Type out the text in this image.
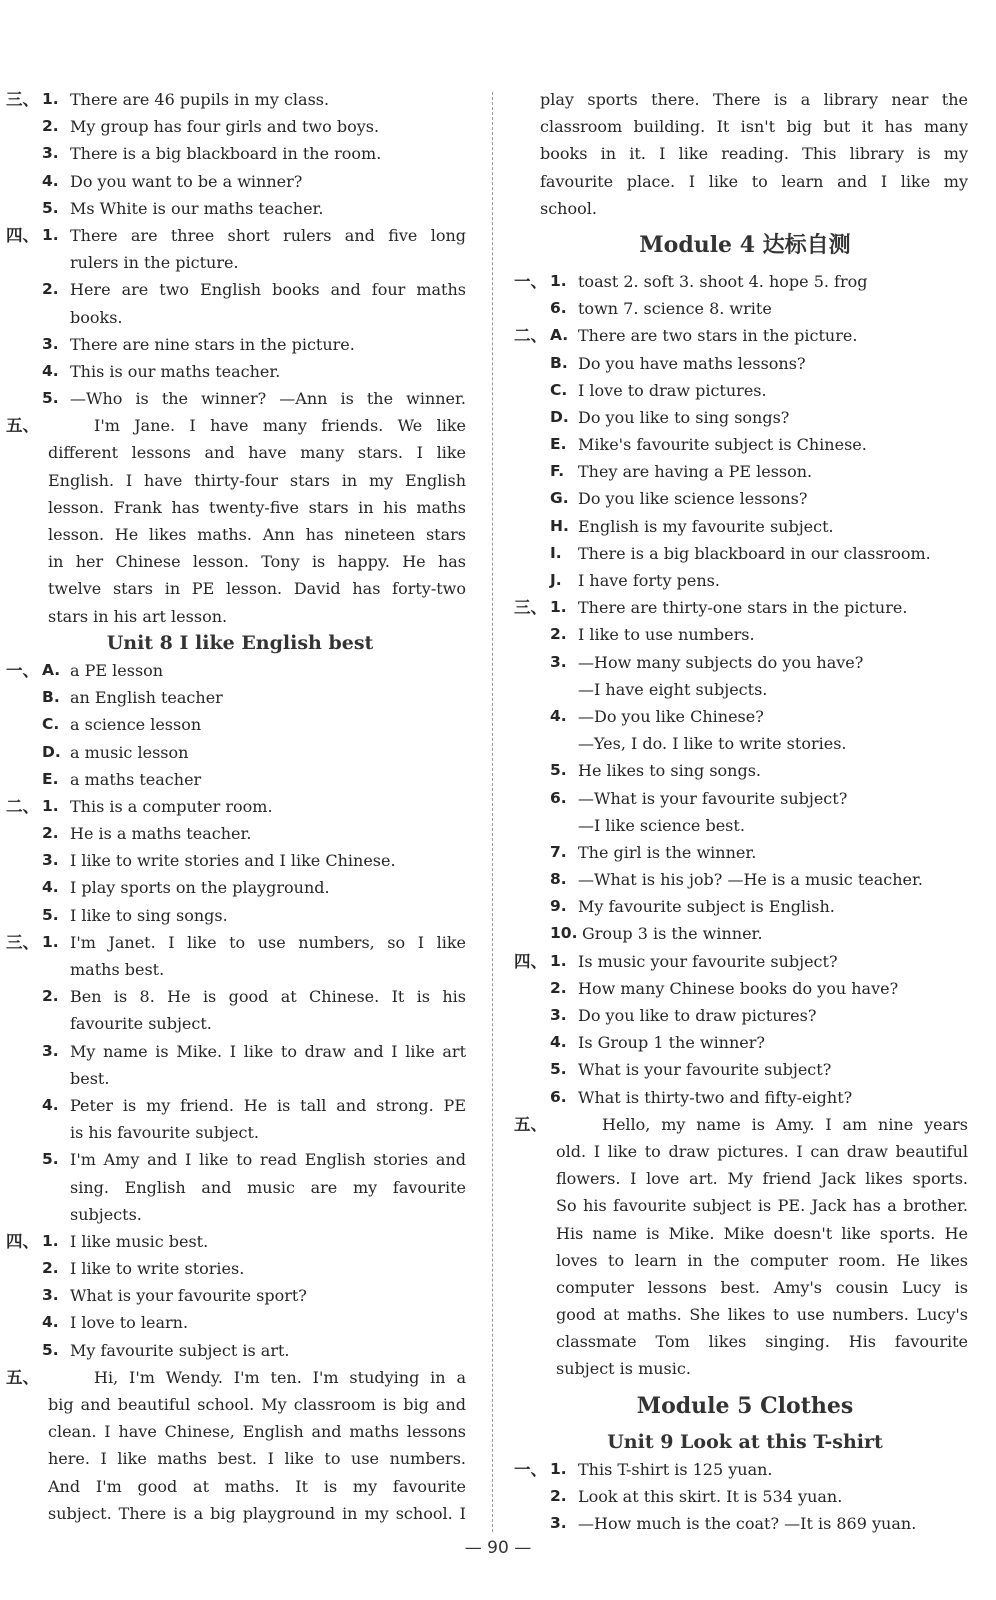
三、 1. There are 46 pupils in my class.
2. My group has four girls and two boys.
3. There is a big blackboard in the room.
4. Do you want to be a winner?
5. Ms White is our maths teacher.
四、 1. There are three short rulers and five long
rulers in the picture.
2. Here are two English books and four maths
books.
3. There are nine stars in the picture.
4. This is our maths teacher.
5. —Who is the winner? —Ann is the winner.
五、	I'm Jane. I have many friends. We like
different lessons and have many stars. I like
English. I have thirty-four stars in my English
lesson. Frank has twenty-five stars in his maths
lesson. He likes maths. Ann has nineteen stars
in her Chinese lesson. Tony is happy. He has
twelve stars in PE lesson. David has forty-two
stars in his art lesson.
Unit 8 I like English best
一、 A. a PE lesson
B. an English teacher
C. a science lesson
D. a music lesson
E. a maths teacher
二、 1. This is a computer room.
2. He is a maths teacher.
3. I like to write stories and I like Chinese.
4. I play sports on the playground.
5. I like to sing songs.
三、 1. I'm Janet. I like to use numbers, so I like
maths best.
2. Ben is 8. He is good at Chinese. It is his
favourite subject.
3. My name is Mike. I like to draw and I like art
best.
4. Peter is my friend. He is tall and strong. PE
is his favourite subject.
5. I'm Amy and I like to read English stories and
sing. English and music are my favourite
subjects.
四、 1. I like music best.
2. I like to write stories.
3. What is your favourite sport?
4. I love to learn.
5. My favourite subject is art.
五、	Hi, I'm Wendy. I'm ten. I'm studying in a
big and beautiful school. My classroom is big and
clean. I have Chinese, English and maths lessons
here. I like maths best. I like to use numbers.
And I'm good at maths. It is my favourite
subject. There is a big playground in my school. I
play sports there. There is a library near the
classroom building. It isn't big but it has many
books in it. I like reading. This library is my
favourite place. I like to learn and I like my
school.
Module 4 达标自测
一、 1. toast 2. soft 3. shoot 4. hope 5. frog
6. town 7. science 8. write
二、 A. There are two stars in the picture.
B. Do you have maths lessons?
C. I love to draw pictures.
D. Do you like to sing songs?
E. Mike's favourite subject is Chinese.
F. They are having a PE lesson.
G. Do you like science lessons?
H. English is my favourite subject.
I. There is a big blackboard in our classroom.
J. I have forty pens.
三、 1. There are thirty-one stars in the picture.
2. I like to use numbers.
3. —How many subjects do you have?
—I have eight subjects.
4. —Do you like Chinese?
—Yes, I do. I like to write stories.
5. He likes to sing songs.
6. —What is your favourite subject?
—I like science best.
7. The girl is the winner.
8. —What is his job? —He is a music teacher.
9. My favourite subject is English.
10. Group 3 is the winner.
四、 1. Is music your favourite subject?
2. How many Chinese books do you have?
3. Do you like to draw pictures?
4. Is Group 1 the winner?
5. What is your favourite subject?
6. What is thirty-two and fifty-eight?
五、	Hello, my name is Amy. I am nine years
old. I like to draw pictures. I can draw beautiful
flowers. I love art. My friend Jack likes sports.
So his favourite subject is PE. Jack has a brother.
His name is Mike. Mike doesn't like sports. He
loves to learn in the computer room. He likes
computer lessons best. Amy's cousin Lucy is
good at maths. She likes to use numbers. Lucy's
classmate Tom likes singing. His favourite
subject is music.
Module 5 Clothes
Unit 9 Look at this T-shirt
一、 1. This T-shirt is 125 yuan.
2. Look at this skirt. It is 534 yuan.
3. —How much is the coat? —It is 869 yuan.
— 90 —
